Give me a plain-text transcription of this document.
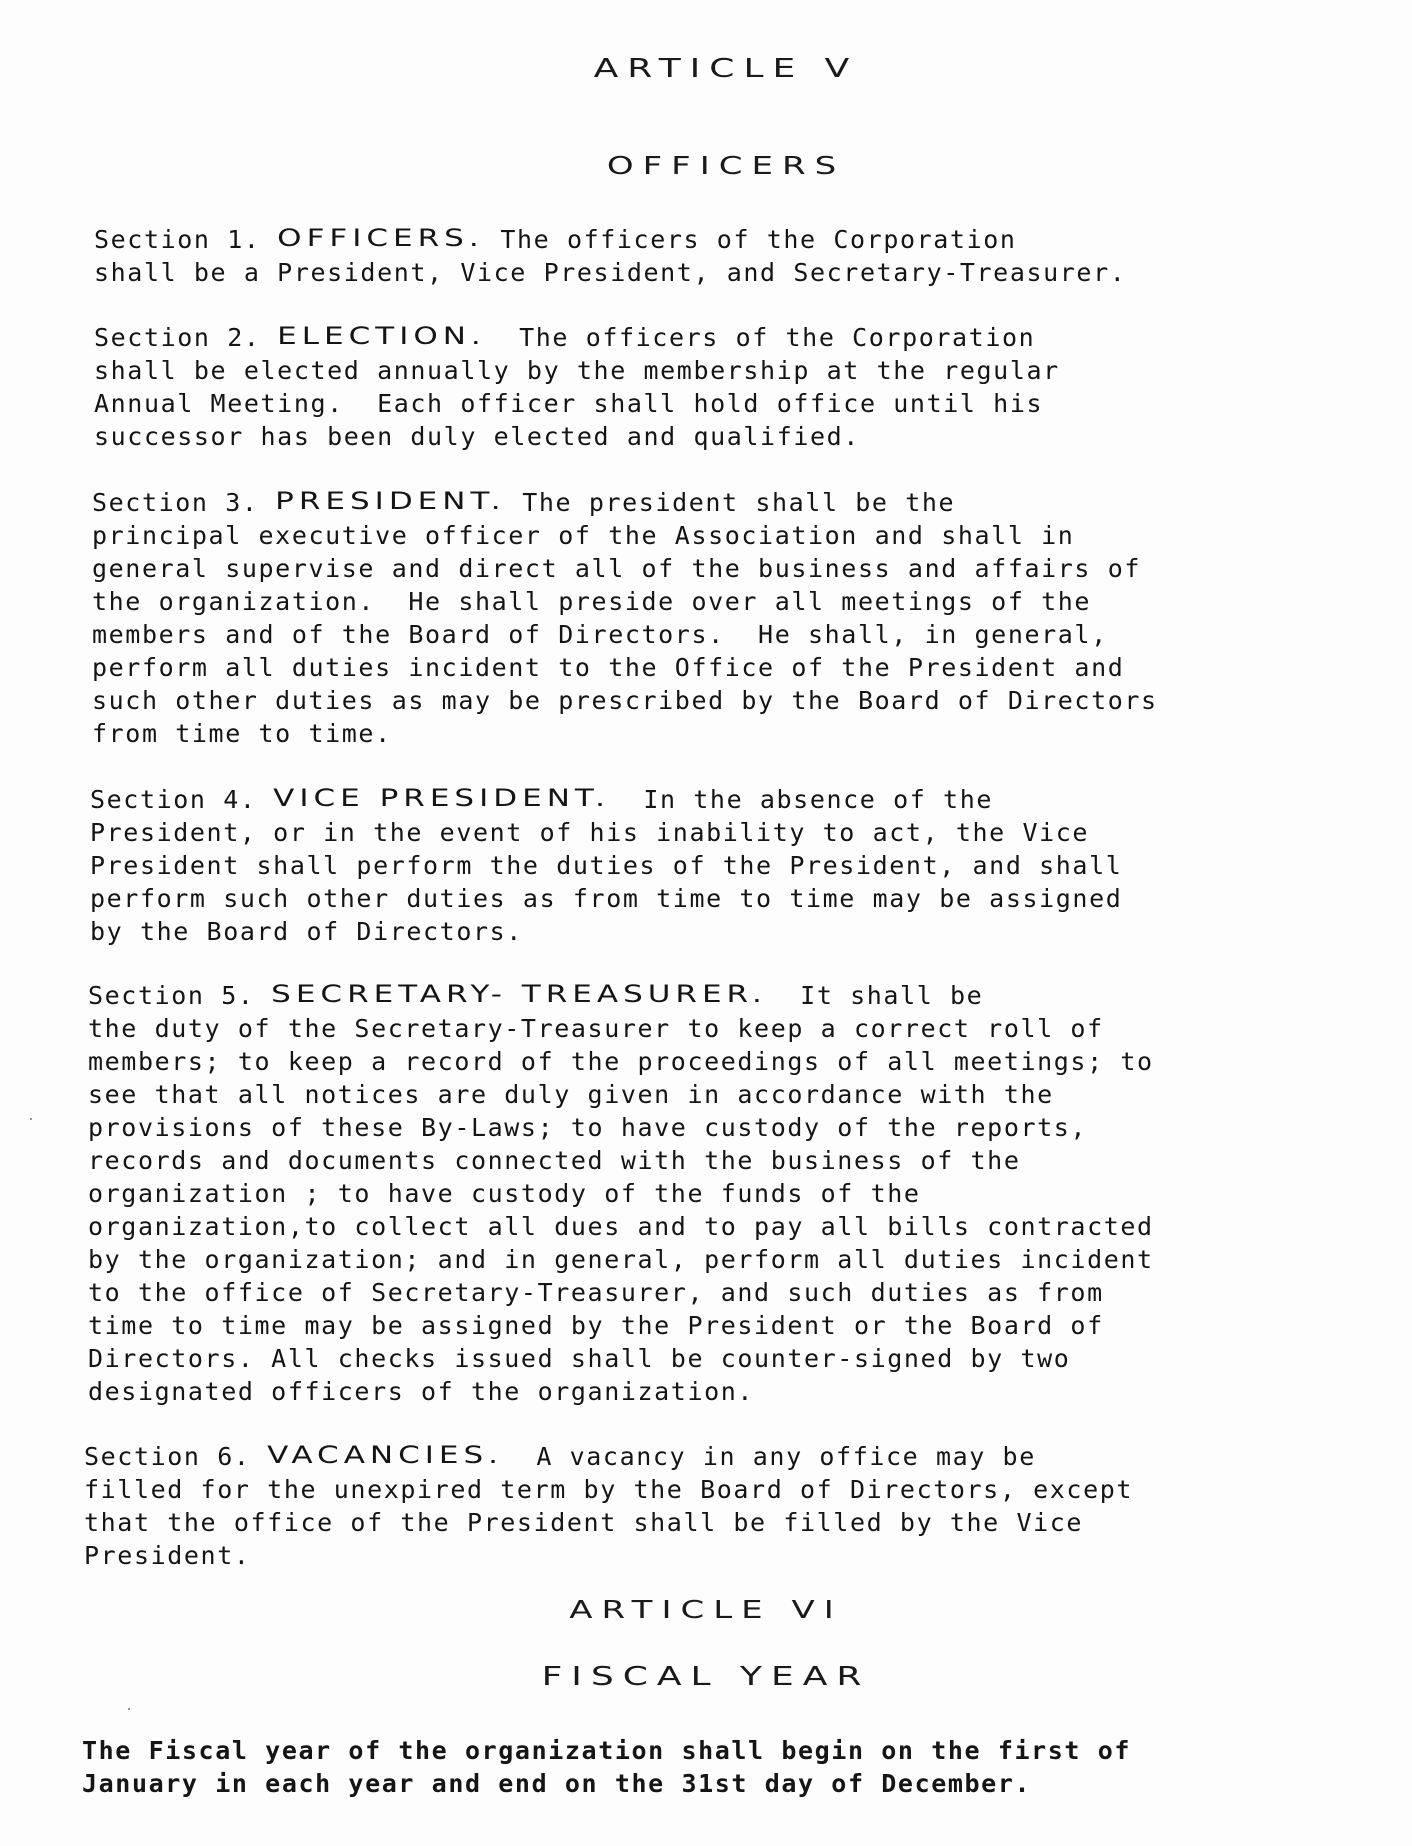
ARTICLE V
OFFICERS
Section 1. OFFICERS. The officers of the Corporation
shall be a President, Vice President, and Secretary-Treasurer.
Section 2. ELECTION.  The officers of the Corporation
shall be elected annually by the membership at the regular
Annual Meeting.  Each officer shall hold office until his
successor has been duly elected and qualified.
Section 3. PRESIDENT. The president shall be the
principal executive officer of the Association and shall in
general supervise and direct all of the business and affairs of
the organization.  He shall preside over all meetings of the
members and of the Board of Directors.  He shall, in general,
perform all duties incident to the Office of the President and
such other duties as may be prescribed by the Board of Directors
from time to time.
Section 4. VICE PRESIDENT.  In the absence of the
President, or in the event of his inability to act, the Vice
President shall perform the duties of the President, and shall
perform such other duties as from time to time may be assigned
by the Board of Directors.
Section 5. SECRETARY- TREASURER.  It shall be
the duty of the Secretary-Treasurer to keep a correct roll of
members; to keep a record of the proceedings of all meetings; to
see that all notices are duly given in accordance with the
provisions of these By-Laws; to have custody of the reports,
records and documents connected with the business of the
organization ; to have custody of the funds of the
organization,to collect all dues and to pay all bills contracted
by the organization; and in general, perform all duties incident
to the office of Secretary-Treasurer, and such duties as from
time to time may be assigned by the President or the Board of
Directors. All checks issued shall be counter-signed by two
designated officers of the organization.
Section 6. VACANCIES.  A vacancy in any office may be
filled for the unexpired term by the Board of Directors, except
that the office of the President shall be filled by the Vice
President.
ARTICLE VI
FISCAL YEAR
The Fiscal year of the organization shall begin on the first of
January in each year and end on the 31st day of December.
